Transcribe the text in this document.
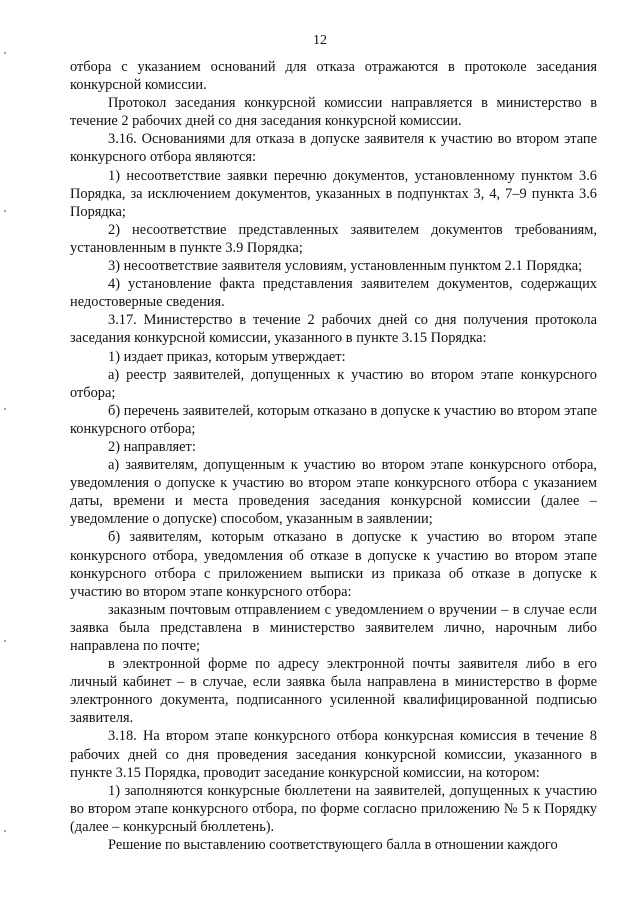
12

отбора с указанием оснований для отказа отражаются в протоколе заседания конкурсной комиссии.

Протокол заседания конкурсной комиссии направляется в министерство в течение 2 рабочих дней со дня заседания конкурсной комиссии.

3.16. Основаниями для отказа в допуске заявителя к участию во втором этапе конкурсного отбора являются:

1) несоответствие заявки перечню документов, установленному пунктом 3.6 Порядка, за исключением документов, указанных в подпунктах 3, 4, 7–9 пункта 3.6 Порядка;

2) несоответствие представленных заявителем документов требованиям, установленным в пункте 3.9 Порядка;

3) несоответствие заявителя условиям, установленным пунктом 2.1 Порядка;

4) установление факта представления заявителем документов, содержащих недостоверные сведения.

3.17. Министерство в течение 2 рабочих дней со дня получения протокола заседания конкурсной комиссии, указанного в пункте 3.15 Порядка:

1) издает приказ, которым утверждает:

а) реестр заявителей, допущенных к участию во втором этапе конкурсного отбора;

б) перечень заявителей, которым отказано в допуске к участию во втором этапе конкурсного отбора;

2) направляет:

а) заявителям, допущенным к участию во втором этапе конкурсного отбора, уведомления о допуске к участию во втором этапе конкурсного отбора с указанием даты, времени и места проведения заседания конкурсной комиссии (далее – уведомление о допуске) способом, указанным в заявлении;

б) заявителям, которым отказано в допуске к участию во втором этапе конкурсного отбора, уведомления об отказе в допуске к участию во втором этапе конкурсного отбора с приложением выписки из приказа об отказе в допуске к участию во втором этапе конкурсного отбора:

заказным почтовым отправлением с уведомлением о вручении – в случае если заявка была представлена в министерство заявителем лично, нарочным либо направлена по почте;

в электронной форме по адресу электронной почты заявителя либо в его личный кабинет – в случае, если заявка была направлена в министерство в форме электронного документа, подписанного усиленной квалифицированной подписью заявителя.

3.18. На втором этапе конкурсного отбора конкурсная комиссия в течение 8 рабочих дней со дня проведения заседания конкурсной комиссии, указанного в пункте 3.15 Порядка, проводит заседание конкурсной комиссии, на котором:

1) заполняются конкурсные бюллетени на заявителей, допущенных к участию во втором этапе конкурсного отбора, по форме согласно приложению № 5 к Порядку (далее – конкурсный бюллетень).

Решение по выставлению соответствующего балла в отношении каждого
